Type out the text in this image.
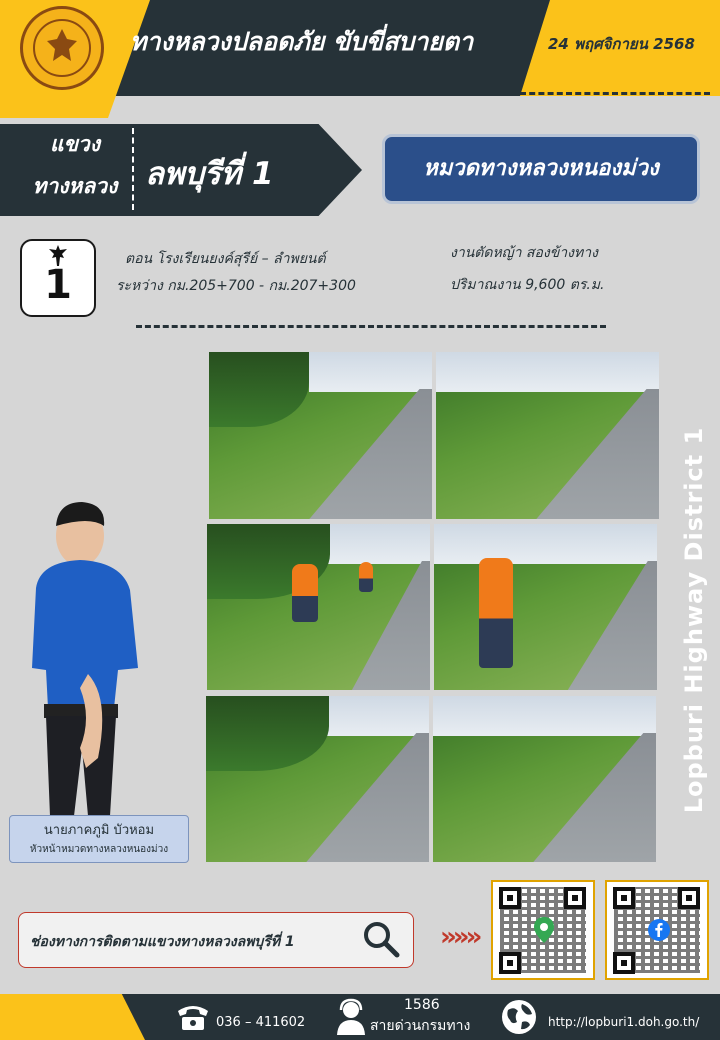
ทางหลวงปลอดภัย ขับขี่สบายตา	24 พฤศจิกายน 2568
แขวง
ทางหลวง ลพบุรีที่ 1	หมวดทางหลวงหนองม่วง
1
ตอน โรงเรียนยงค์สุรีย์ – ลำพยนต์
ระหว่าง กม.205+700 - กม.207+300
งานตัดหญ้า สองข้างทาง
ปริมาณงาน 9,600 ตร.ม.
นายภาคภูมิ บัวหอม
หัวหน้าหมวดทางหลวงหนองม่วง
Lopburi Highway District 1
ช่องทางการติดตามแขวงทางหลวงลพบุรีที่ 1	»»»
036 – 411602
1586
สายด่วนกรมทาง	http://lopburi1.doh.go.th/
